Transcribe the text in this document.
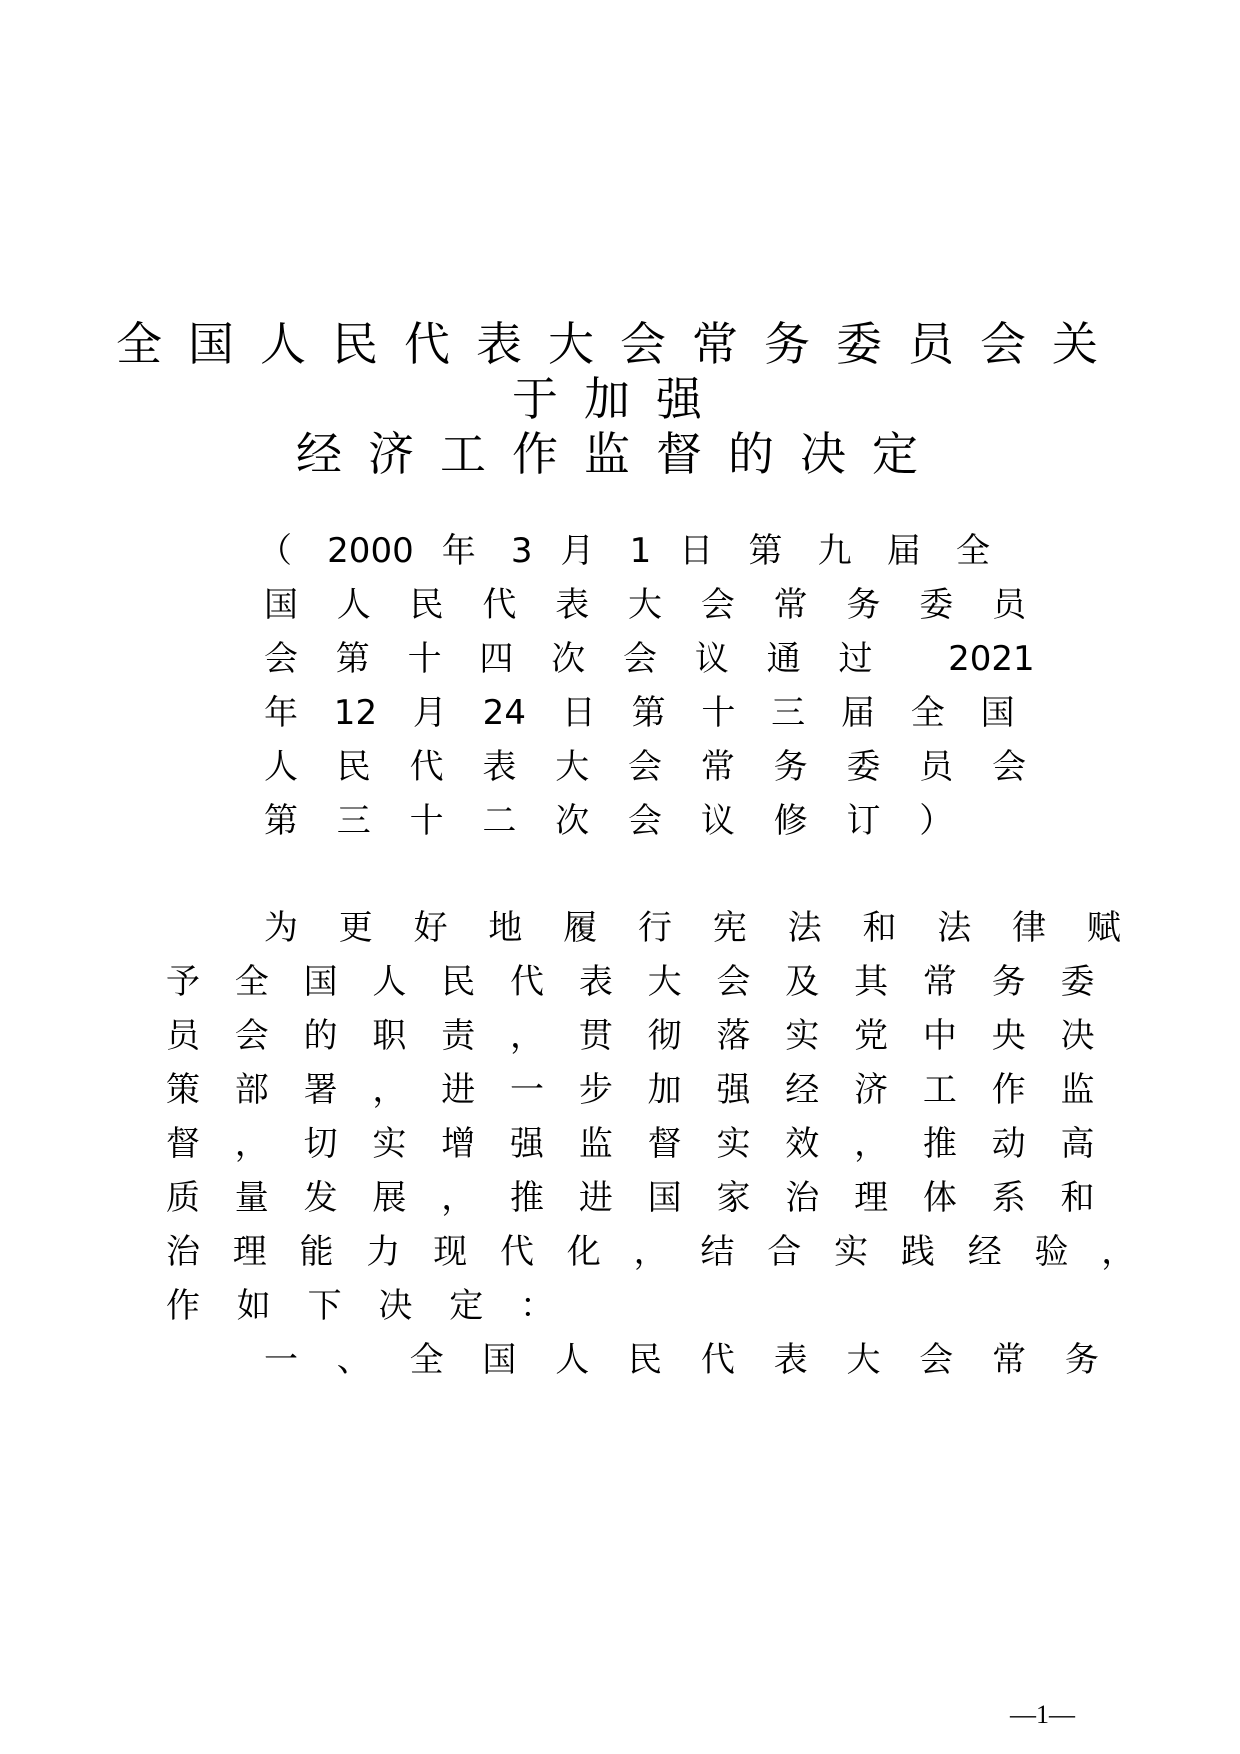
全国人民代表大会常务委员会关
于加强
经济工作监督的决定
（ 2000 年 3 月 1 日 第 九 届 全
国 人 民 代 表 大 会 常 务 委 员
会 第 十 四 次 会 议 通 过  2021
年 12 月 24 日 第 十 三 届 全 国
人 民 代 表 大 会 常 务 委 员 会
第 三 十 二 次 会 议 修 订 ）
为 更 好 地 履 行 宪 法 和 法 律 赋
予 全 国 人 民 代 表 大 会 及 其 常 务 委
员 会 的 职 责 ， 贯 彻 落 实 党 中 央 决
策 部 署 ， 进 一 步 加 强 经 济 工 作 监
督 ， 切 实 增 强 监 督 实 效 ， 推 动 高
质 量 发 展 ， 推 进 国 家 治 理 体 系 和
治 理 能 力 现 代 化 ， 结 合 实 践 经 验 ，
作 如 下 决 定 ：
一 、 全 国 人 民 代 表 大 会 常 务
—1—
